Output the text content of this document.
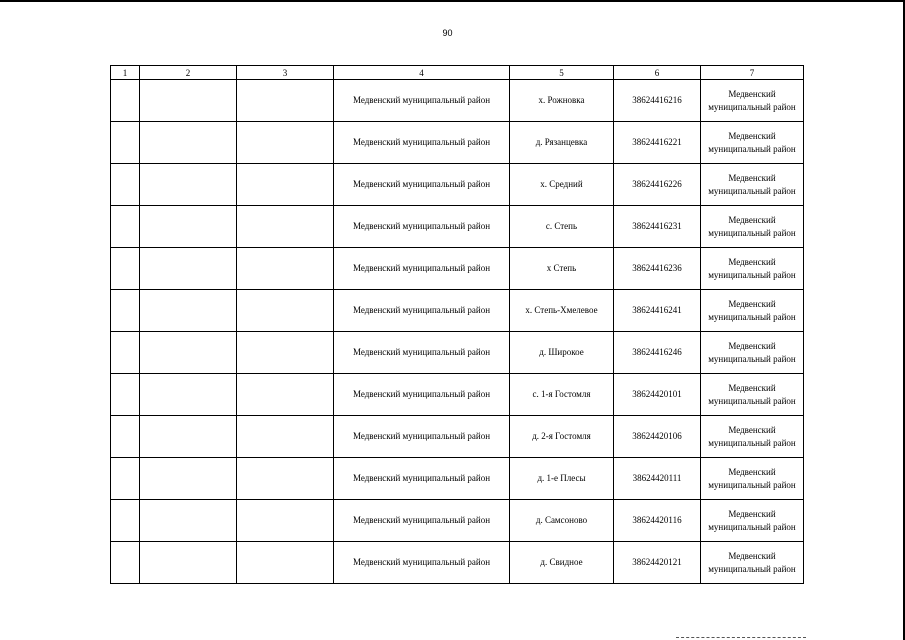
90
1	2	3	4	5	6	7
			Медвенский муниципальный район	х. Рожновка	38624416216	Медвенский муниципальный район
			Медвенский муниципальный район	д. Рязанцевка	38624416221	Медвенский муниципальный район
			Медвенский муниципальный район	х. Средний	38624416226	Медвенский муниципальный район
			Медвенский муниципальный район	с. Степь	38624416231	Медвенский муниципальный район
			Медвенский муниципальный район	х Степь	38624416236	Медвенский муниципальный район
			Медвенский муниципальный район	х. Степь-Хмелевое	38624416241	Медвенский муниципальный район
			Медвенский муниципальный район	д. Широкое	38624416246	Медвенский муниципальный район
			Медвенский муниципальный район	с. 1-я Гостомля	38624420101	Медвенский муниципальный район
			Медвенский муниципальный район	д. 2-я Гостомля	38624420106	Медвенский муниципальный район
			Медвенский муниципальный район	д. 1-е Плесы	38624420111	Медвенский муниципальный район
			Медвенский муниципальный район	д. Самсоново	38624420116	Медвенский муниципальный район
			Медвенский муниципальный район	д. Свидное	38624420121	Медвенский муниципальный район
